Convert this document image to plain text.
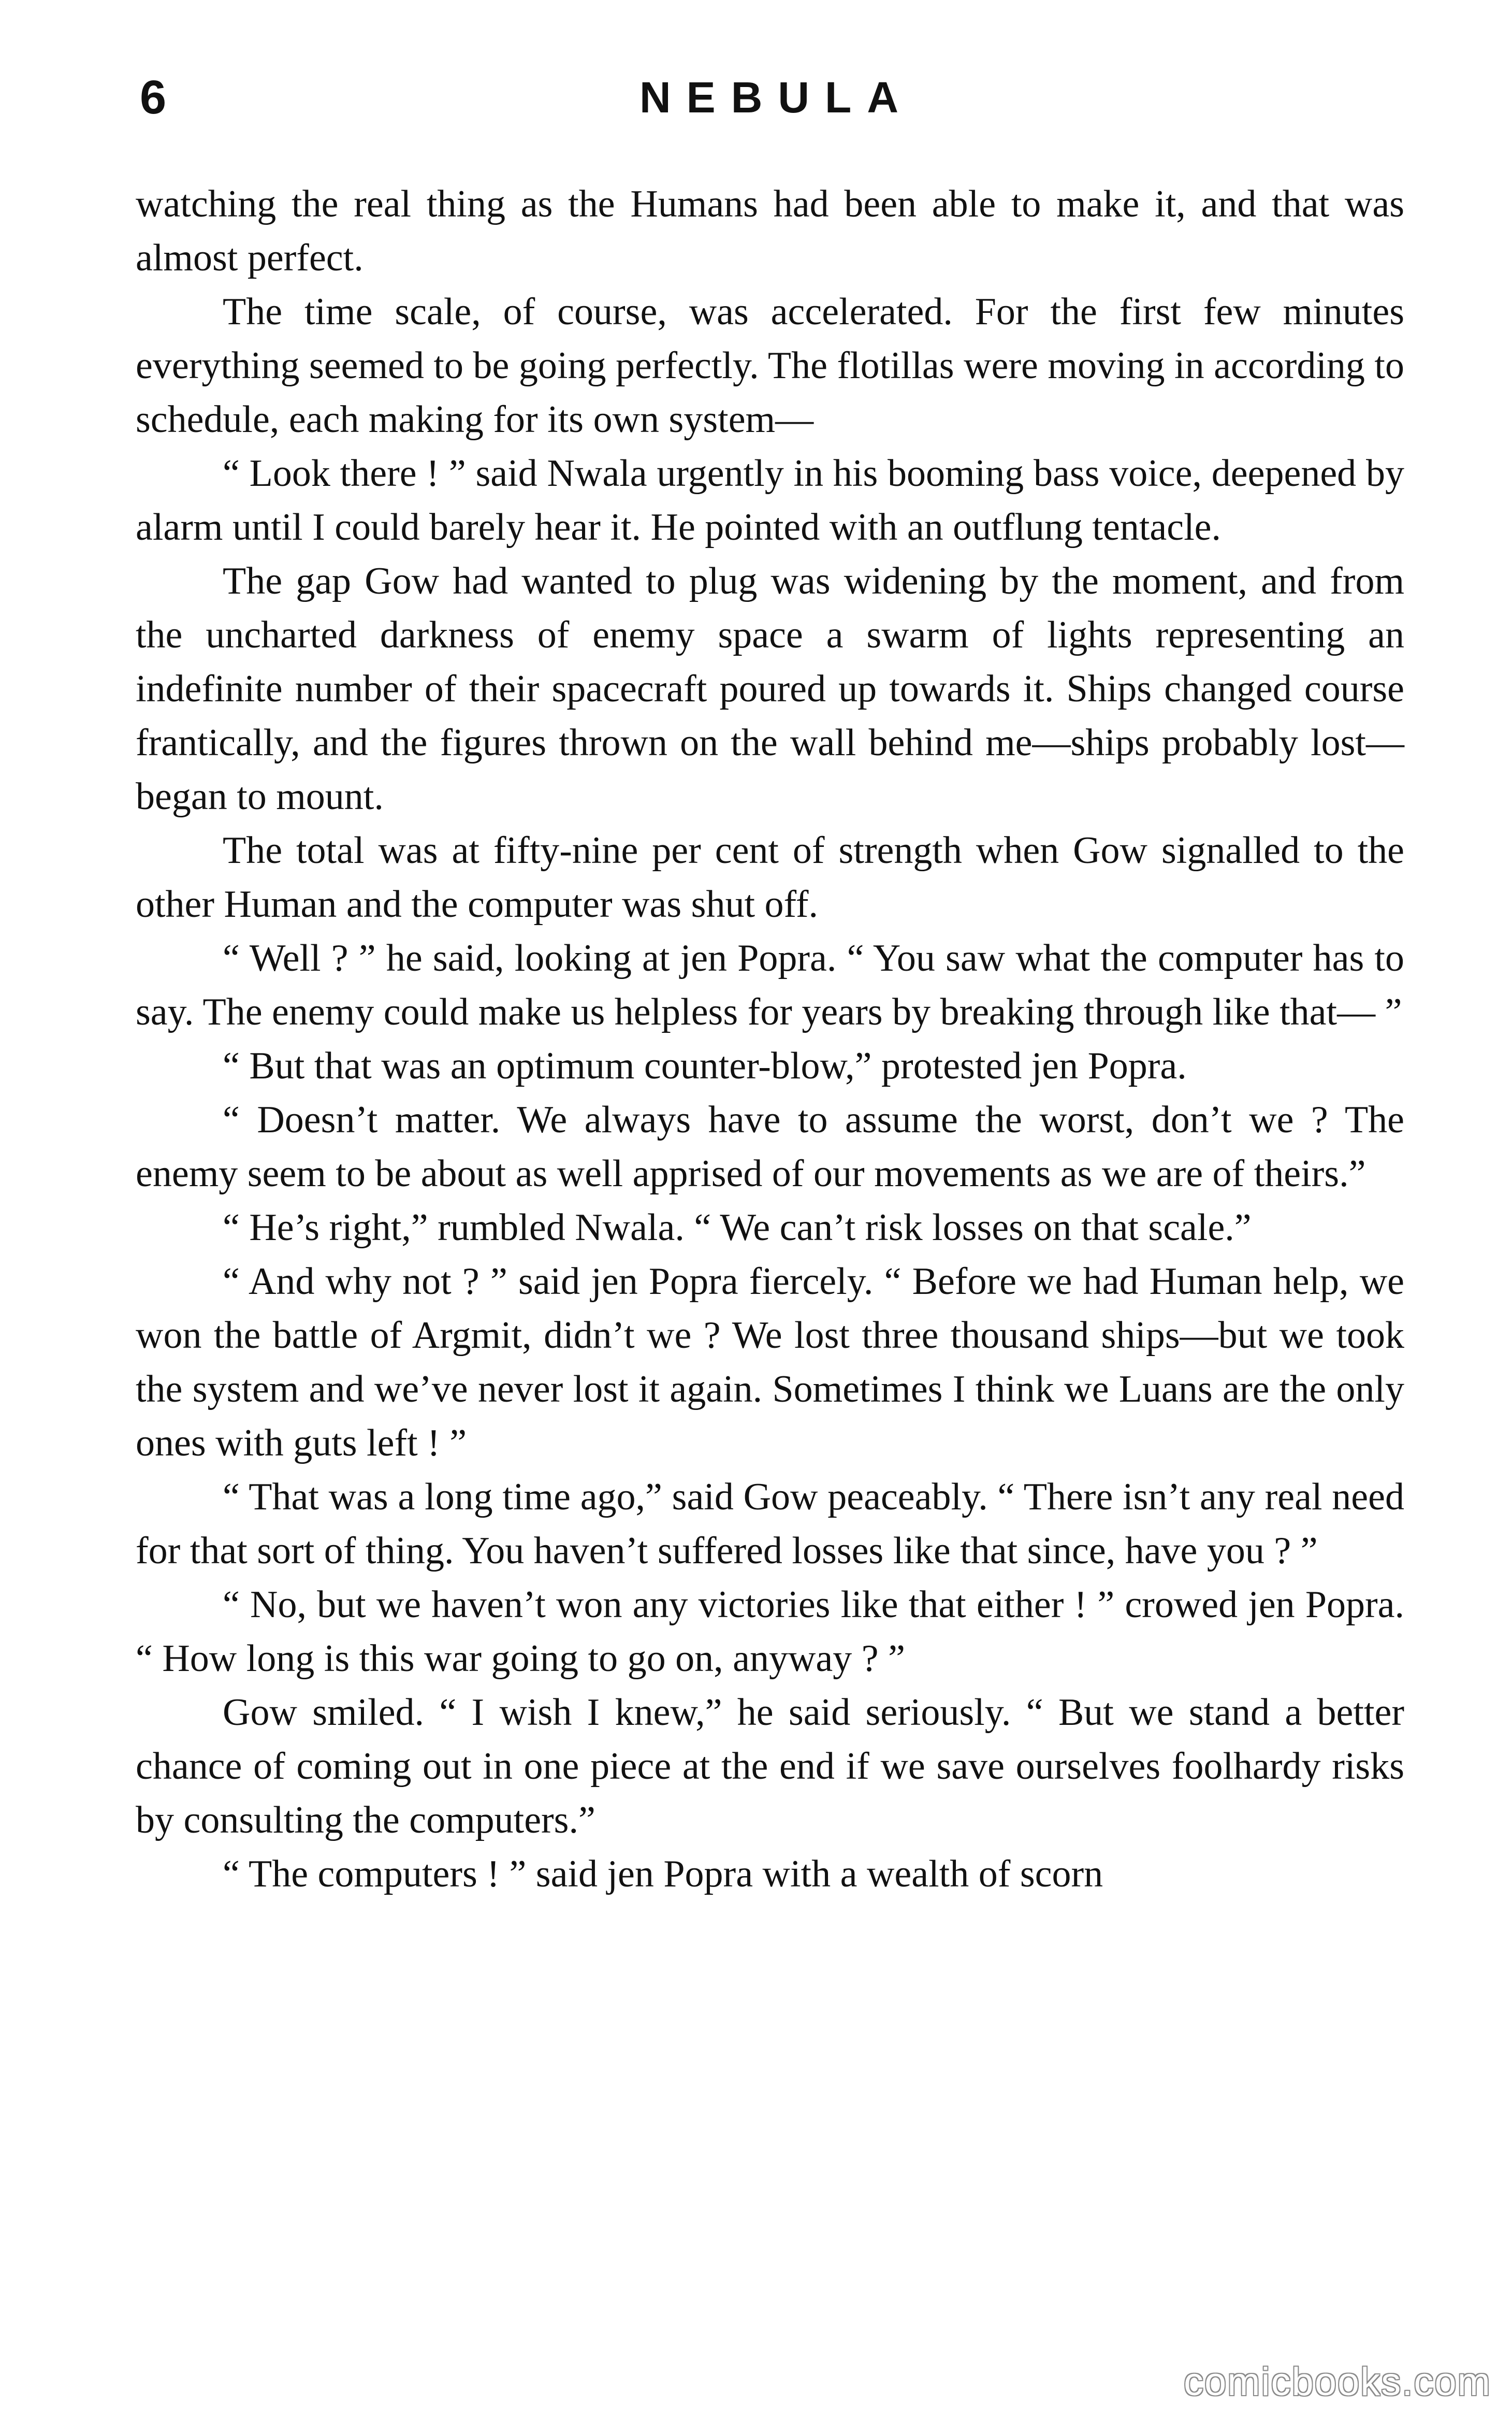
6	NEBULA

watching the real thing as the Humans had been able to make it, and that was almost perfect.

The time scale, of course, was accelerated. For the first few minutes everything seemed to be going perfectly. The flotillas were moving in according to schedule, each making for its own system—

“ Look there ! ” said Nwala urgently in his booming bass voice, deepened by alarm until I could barely hear it. He pointed with an outflung tentacle.

The gap Gow had wanted to plug was widening by the moment, and from the uncharted darkness of enemy space a swarm of lights representing an indefinite number of their spacecraft poured up towards it. Ships changed course frantically, and the figures thrown on the wall behind me—ships probably lost—began to mount.

The total was at fifty-nine per cent of strength when Gow signalled to the other Human and the computer was shut off.

“ Well ? ” he said, looking at jen Popra. “ You saw what the computer has to say. The enemy could make us helpless for years by breaking through like that— ”

“ But that was an optimum counter-blow,” protested jen Popra.

“ Doesn’t matter. We always have to assume the worst, don’t we ? The enemy seem to be about as well apprised of our movements as we are of theirs.”

“ He’s right,” rumbled Nwala. “ We can’t risk losses on that scale.”

“ And why not ? ” said jen Popra fiercely. “ Before we had Human help, we won the battle of Argmit, didn’t we ? We lost three thousand ships—but we took the system and we’ve never lost it again. Sometimes I think we Luans are the only ones with guts left ! ”

“ That was a long time ago,” said Gow peaceably. “ There isn’t any real need for that sort of thing. You haven’t suffered losses like that since, have you ? ”

“ No, but we haven’t won any victories like that either ! ” crowed jen Popra. “ How long is this war going to go on, anyway ? ”

Gow smiled. “ I wish I knew,” he said seriously. “ But we stand a better chance of coming out in one piece at the end if we save ourselves foolhardy risks by consulting the computers.”

“ The computers ! ” said jen Popra with a wealth of scorn

comicbooks.com
